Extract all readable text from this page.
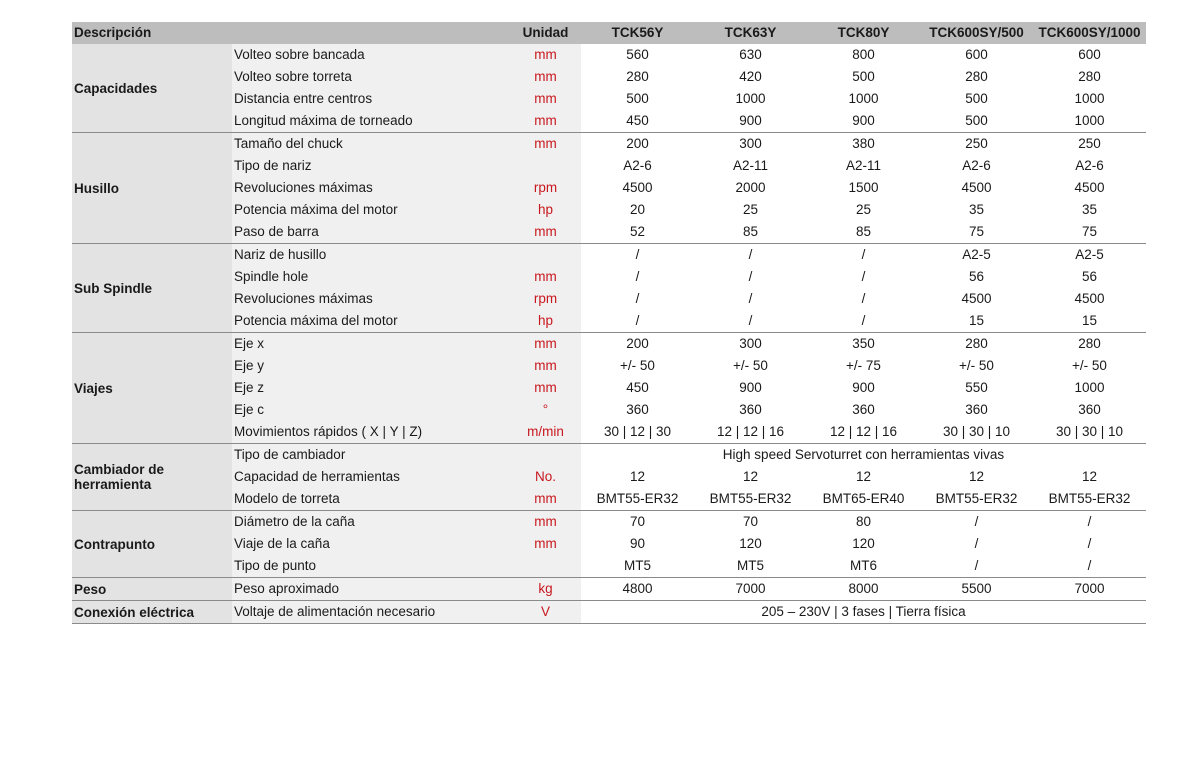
Descripción		Unidad	TCK56Y	TCK63Y	TCK80Y	TCK600SY/500	TCK600SY/1000
Capacidades	Volteo sobre bancada	mm	560	630	800	600	600
	Volteo sobre torreta	mm	280	420	500	280	280
	Distancia entre centros	mm	500	1000	1000	500	1000
	Longitud máxima de torneado	mm	450	900	900	500	1000
Husillo	Tamaño del chuck	mm	200	300	380	250	250
	Tipo de nariz		A2-6	A2-11	A2-11	A2-6	A2-6
	Revoluciones máximas	rpm	4500	2000	1500	4500	4500
	Potencia máxima del motor	hp	20	25	25	35	35
	Paso de barra	mm	52	85	85	75	75
Sub Spindle	Nariz de husillo		/	/	/	A2-5	A2-5
	Spindle hole	mm	/	/	/	56	56
	Revoluciones máximas	rpm	/	/	/	4500	4500
	Potencia máxima del motor	hp	/	/	/	15	15
Viajes	Eje x	mm	200	300	350	280	280
	Eje y	mm	+/- 50	+/- 50	+/- 75	+/- 50	+/- 50
	Eje z	mm	450	900	900	550	1000
	Eje c	°	360	360	360	360	360
	Movimientos rápidos ( X | Y | Z)	m/min	30 | 12 | 30	12 | 12 | 16	12 | 12 | 16	30 | 30 | 10	30 | 30 | 10
Cambiador de herramienta	Tipo de cambiador		High speed Servoturret con herramientas vivas				
	Capacidad de herramientas	No.	12	12	12	12	12
	Modelo de torreta	mm	BMT55-ER32	BMT55-ER32	BMT65-ER40	BMT55-ER32	BMT55-ER32
Contrapunto	Diámetro de la caña	mm	70	70	80	/	/
	Viaje de la caña	mm	90	120	120	/	/
	Tipo de punto		MT5	MT5	MT6	/	/
Peso	Peso aproximado	kg	4800	7000	8000	5500	7000
Conexión eléctrica	Voltaje de alimentación necesario	V	205 – 230V | 3 fases | Tierra física				
